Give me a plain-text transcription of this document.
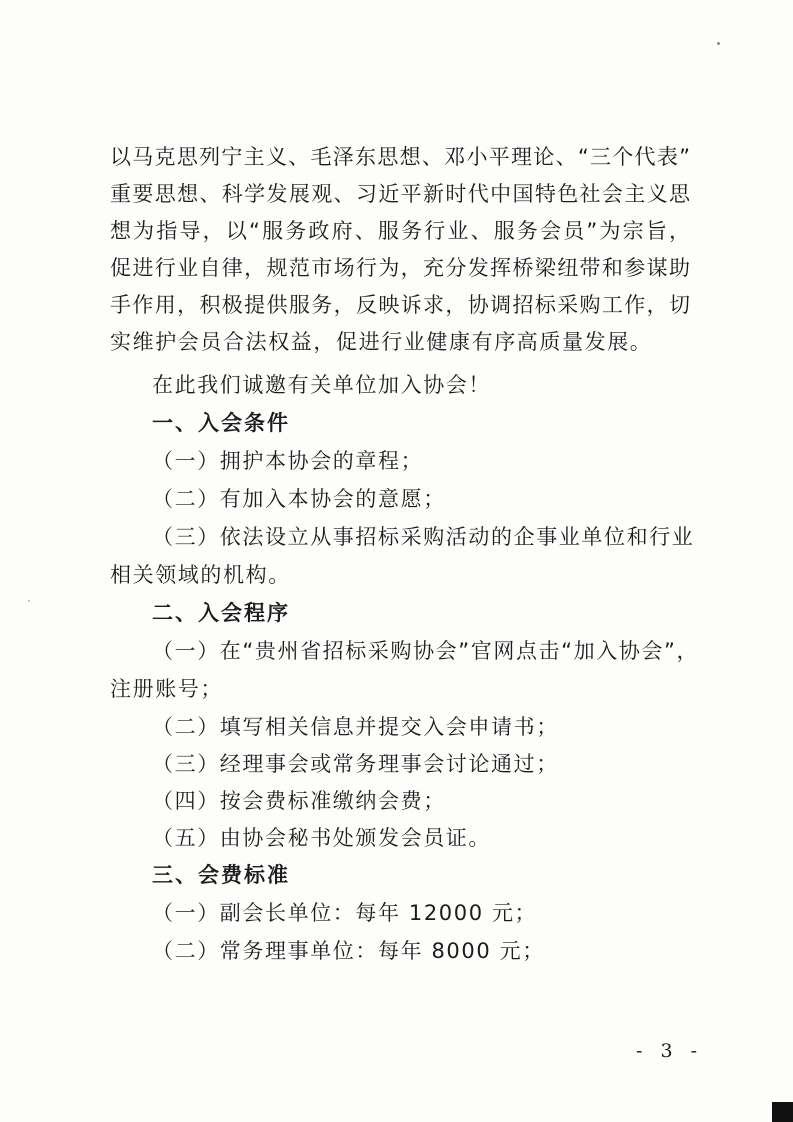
以马克思列宁主义、毛泽东思想、邓小平理论、“三个代表”
重要思想、科学发展观、习近平新时代中国特色社会主义思
想为指导，以“服务政府、服务行业、服务会员”为宗旨，
促进行业自律，规范市场行为，充分发挥桥梁纽带和参谋助
手作用，积极提供服务，反映诉求，协调招标采购工作，切
实维护会员合法权益，促进行业健康有序高质量发展。
在此我们诚邀有关单位加入协会！
一、入会条件
（一）拥护本协会的章程；
（二）有加入本协会的意愿；
（三）依法设立从事招标采购活动的企事业单位和行业
相关领域的机构。
二、入会程序
（一）在“贵州省招标采购协会”官网点击“加入协会”，
注册账号；
（二）填写相关信息并提交入会申请书；
（三）经理事会或常务理事会讨论通过；
（四）按会费标准缴纳会费；
（五）由协会秘书处颁发会员证。
三、会费标准
（一）副会长单位：每年 12000 元；
（二）常务理事单位：每年 8000 元；
- 3 -
